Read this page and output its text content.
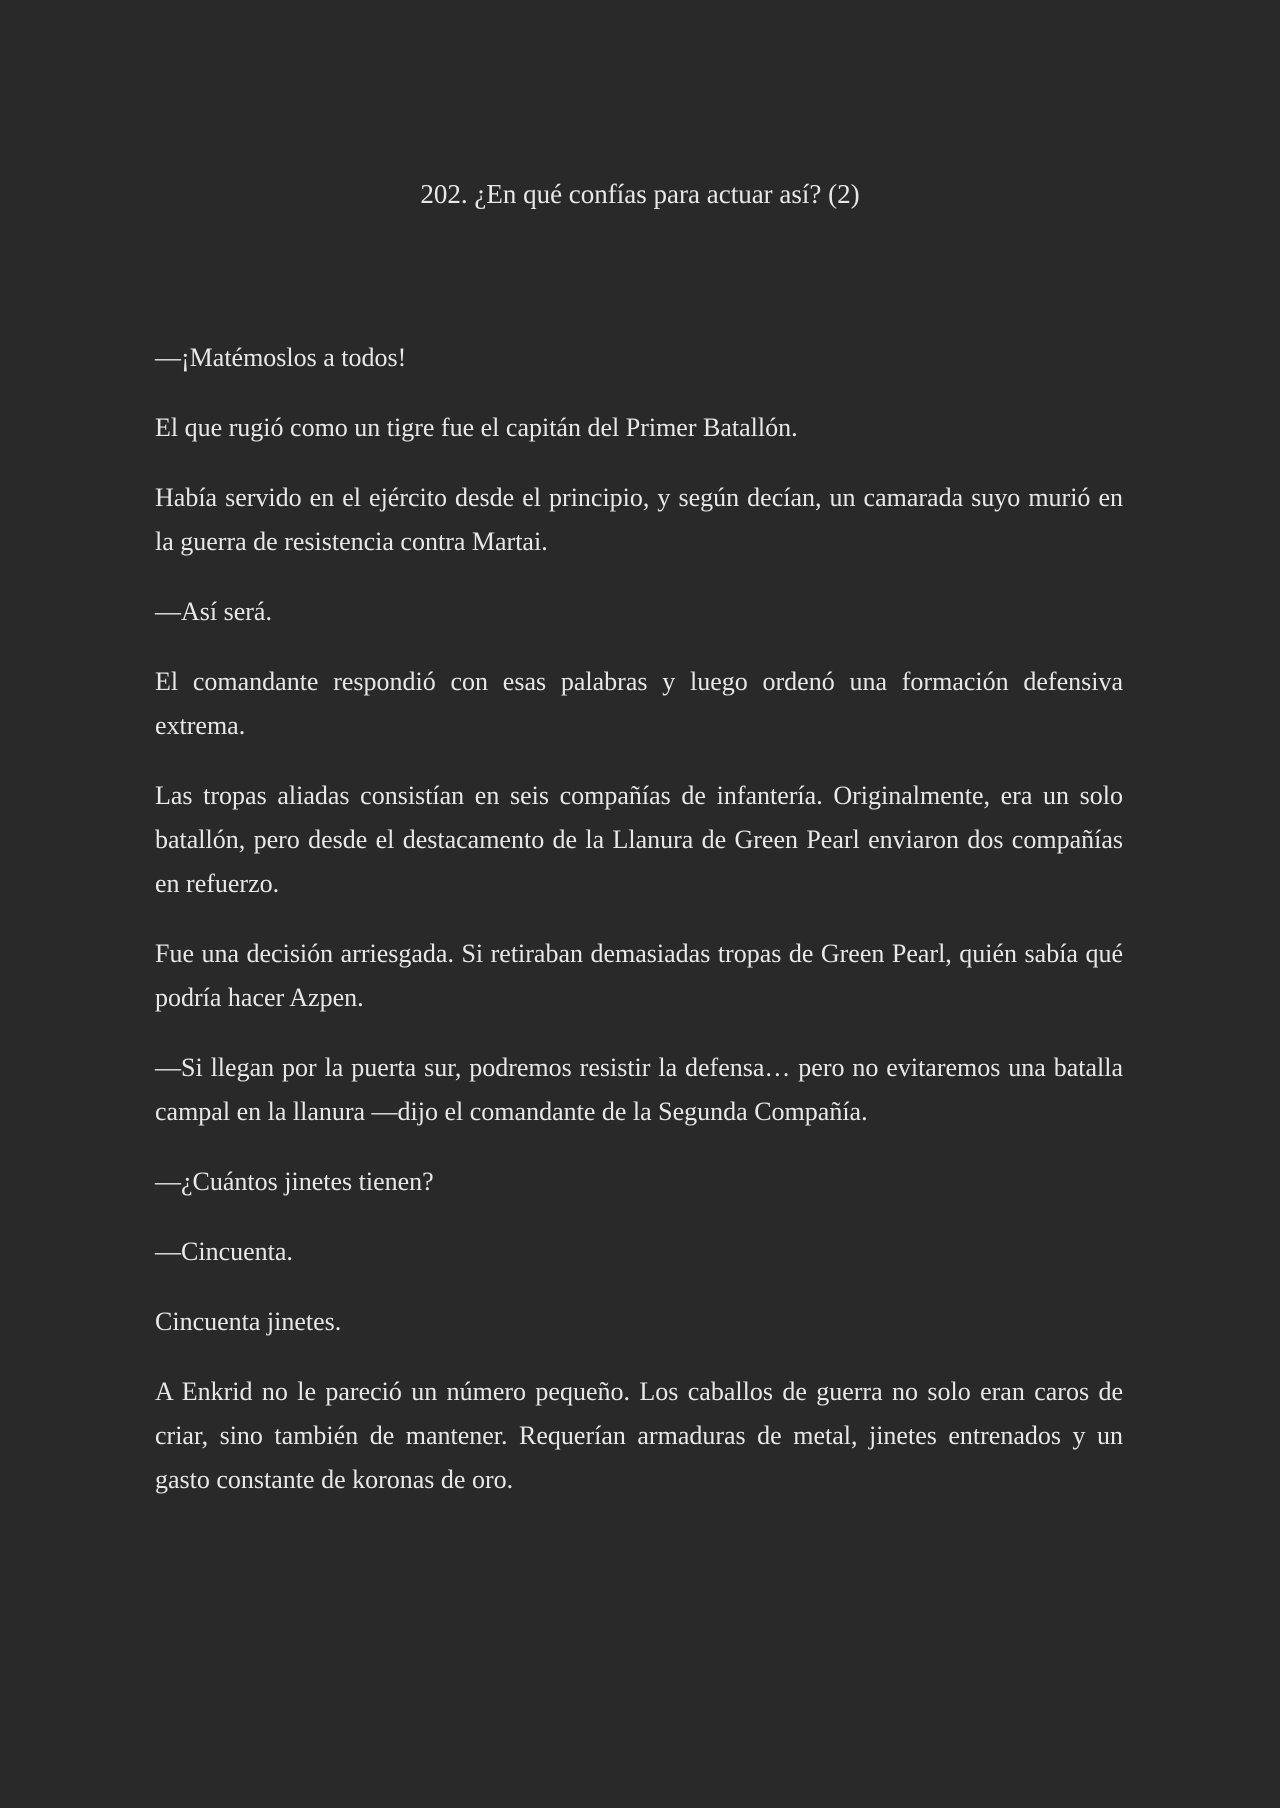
202. ¿En qué confías para actuar así? (2)

—¡Matémoslos a todos!

El que rugió como un tigre fue el capitán del Primer Batallón.

Había servido en el ejército desde el principio, y según decían, un camarada suyo murió en la guerra de resistencia contra Martai.

—Así será.

El comandante respondió con esas palabras y luego ordenó una formación defensiva extrema.

Las tropas aliadas consistían en seis compañías de infantería. Originalmente, era un solo batallón, pero desde el destacamento de la Llanura de Green Pearl enviaron dos compañías en refuerzo.

Fue una decisión arriesgada. Si retiraban demasiadas tropas de Green Pearl, quién sabía qué podría hacer Azpen.

—Si llegan por la puerta sur, podremos resistir la defensa… pero no evitaremos una batalla campal en la llanura —dijo el comandante de la Segunda Compañía.

—¿Cuántos jinetes tienen?

—Cincuenta.

Cincuenta jinetes.

A Enkrid no le pareció un número pequeño. Los caballos de guerra no solo eran caros de criar, sino también de mantener. Requerían armaduras de metal, jinetes entrenados y un gasto constante de koronas de oro.
